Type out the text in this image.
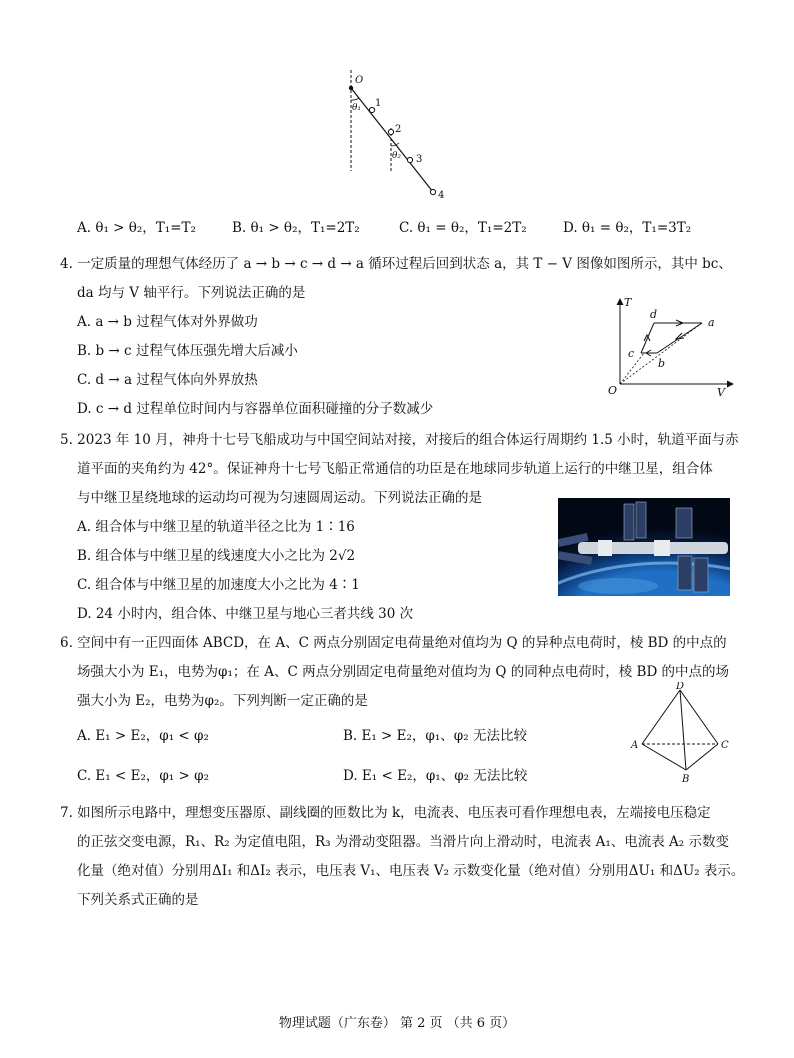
O
1
2
3
4
θ₁
θ₂
A. θ₁ > θ₂，T₁=T₂	B. θ₁ > θ₂，T₁=2T₂	C. θ₁ = θ₂，T₁=2T₂	D. θ₁ = θ₂，T₁=3T₂
4. 一定质量的理想气体经历了 a → b → c → d → a 循环过程后回到状态 a，其 T − V 图像如图所示，其中 bc、
da 均与 V 轴平行。下列说法正确的是
A. a → b 过程气体对外界做功
B. b → c 过程气体压强先增大后减小
C. d → a 过程气体向外界放热
D. c → d 过程单位时间内与容器单位面积碰撞的分子数减少
T
V
O
a
b
c
d
5. 2023 年 10 月，神舟十七号飞船成功与中国空间站对接，对接后的组合体运行周期约 1.5 小时，轨道平面与赤
道平面的夹角约为 42°。保证神舟十七号飞船正常通信的功臣是在地球同步轨道上运行的中继卫星，组合体
与中继卫星绕地球的运动均可视为匀速圆周运动。下列说法正确的是
A. 组合体与中继卫星的轨道半径之比为 1∶16
B. 组合体与中继卫星的线速度大小之比为 2√2
C. 组合体与中继卫星的加速度大小之比为 4∶1
D. 24 小时内，组合体、中继卫星与地心三者共线 30 次
6. 空间中有一正四面体 ABCD，在 A、C 两点分别固定电荷量绝对值均为 Q 的异种点电荷时，棱 BD 的中点的
场强大小为 E₁，电势为φ₁；在 A、C 两点分别固定电荷量绝对值均为 Q 的同种点电荷时，棱 BD 的中点的场
强大小为 E₂，电势为φ₂。下列判断一定正确的是
A. E₁ > E₂，φ₁ < φ₂	B. E₁ > E₂，φ₁、φ₂ 无法比较
C. E₁ < E₂，φ₁ > φ₂	D. E₁ < E₂，φ₁、φ₂ 无法比较
D
A	C
B
7. 如图所示电路中，理想变压器原、副线圈的匝数比为 k，电流表、电压表可看作理想电表，左端接电压稳定
的正弦交变电源，R₁、R₂ 为定值电阻，R₃ 为滑动变阻器。当滑片向上滑动时，电流表 A₁、电流表 A₂ 示数变
化量（绝对值）分别用ΔI₁ 和ΔI₂ 表示，电压表 V₁、电压表 V₂ 示数变化量（绝对值）分别用ΔU₁ 和ΔU₂ 表示。
下列关系式正确的是
物理试题（广东卷） 第 2 页 （共 6 页）
